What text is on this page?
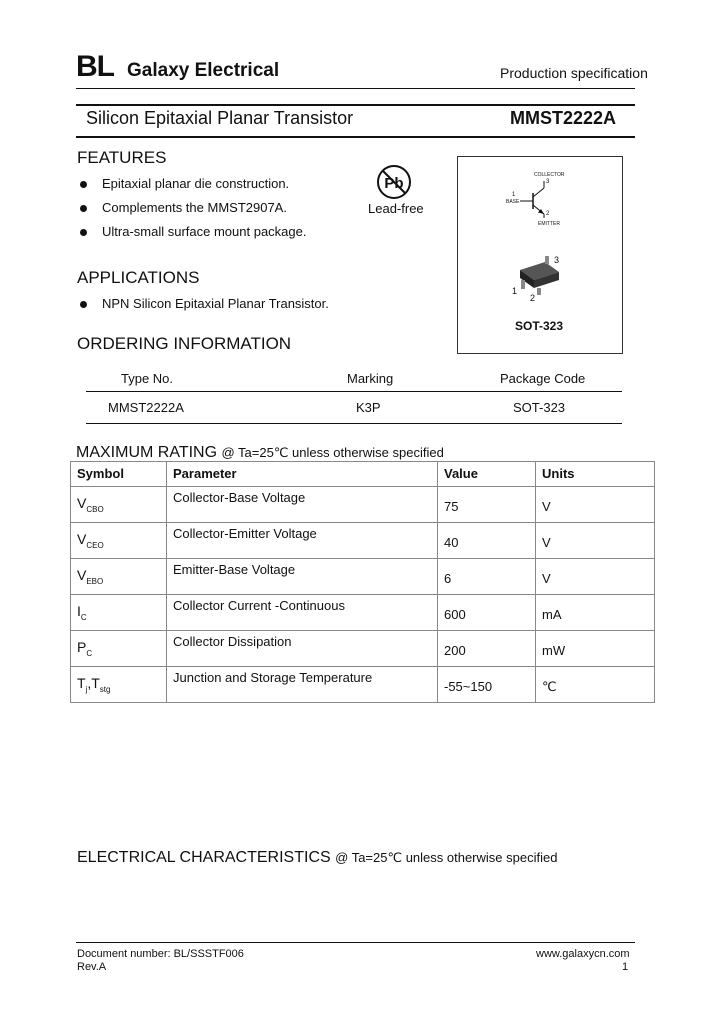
BL Galaxy Electrical	Production specification
Silicon Epitaxial Planar Transistor	MMST2222A
FEATURES
Epitaxial planar die construction.
Complements the MMST2907A.
Ultra-small surface mount package.
Pb
Lead-free
COLLECTOR
3
1
BASE
2
EMITTER
3
1
2
SOT-323
APPLICATIONS
NPN Silicon Epitaxial Planar Transistor.
ORDERING INFORMATION
Type No.	Marking	Package Code
MMST2222A	K3P	SOT-323
MAXIMUM RATING @ Ta=25℃ unless otherwise specified
Symbol	Parameter	Value	Units
$V_{CBO}$	Collector-Base Voltage	75	V
$V_{CEO}$	Collector-Emitter Voltage	40	V
$V_{EBO}$	Emitter-Base Voltage	6	V
$I_C$	Collector Current -Continuous	600	mA
$P_C$	Collector Dissipation	200	mW
$T_j,T_{stg}$	Junction and Storage Temperature	-55~150	℃
ELECTRICAL CHARACTERISTICS @ Ta=25℃ unless otherwise specified
Document number: BL/SSSTF006
Rev.A
www.galaxycn.com
1
